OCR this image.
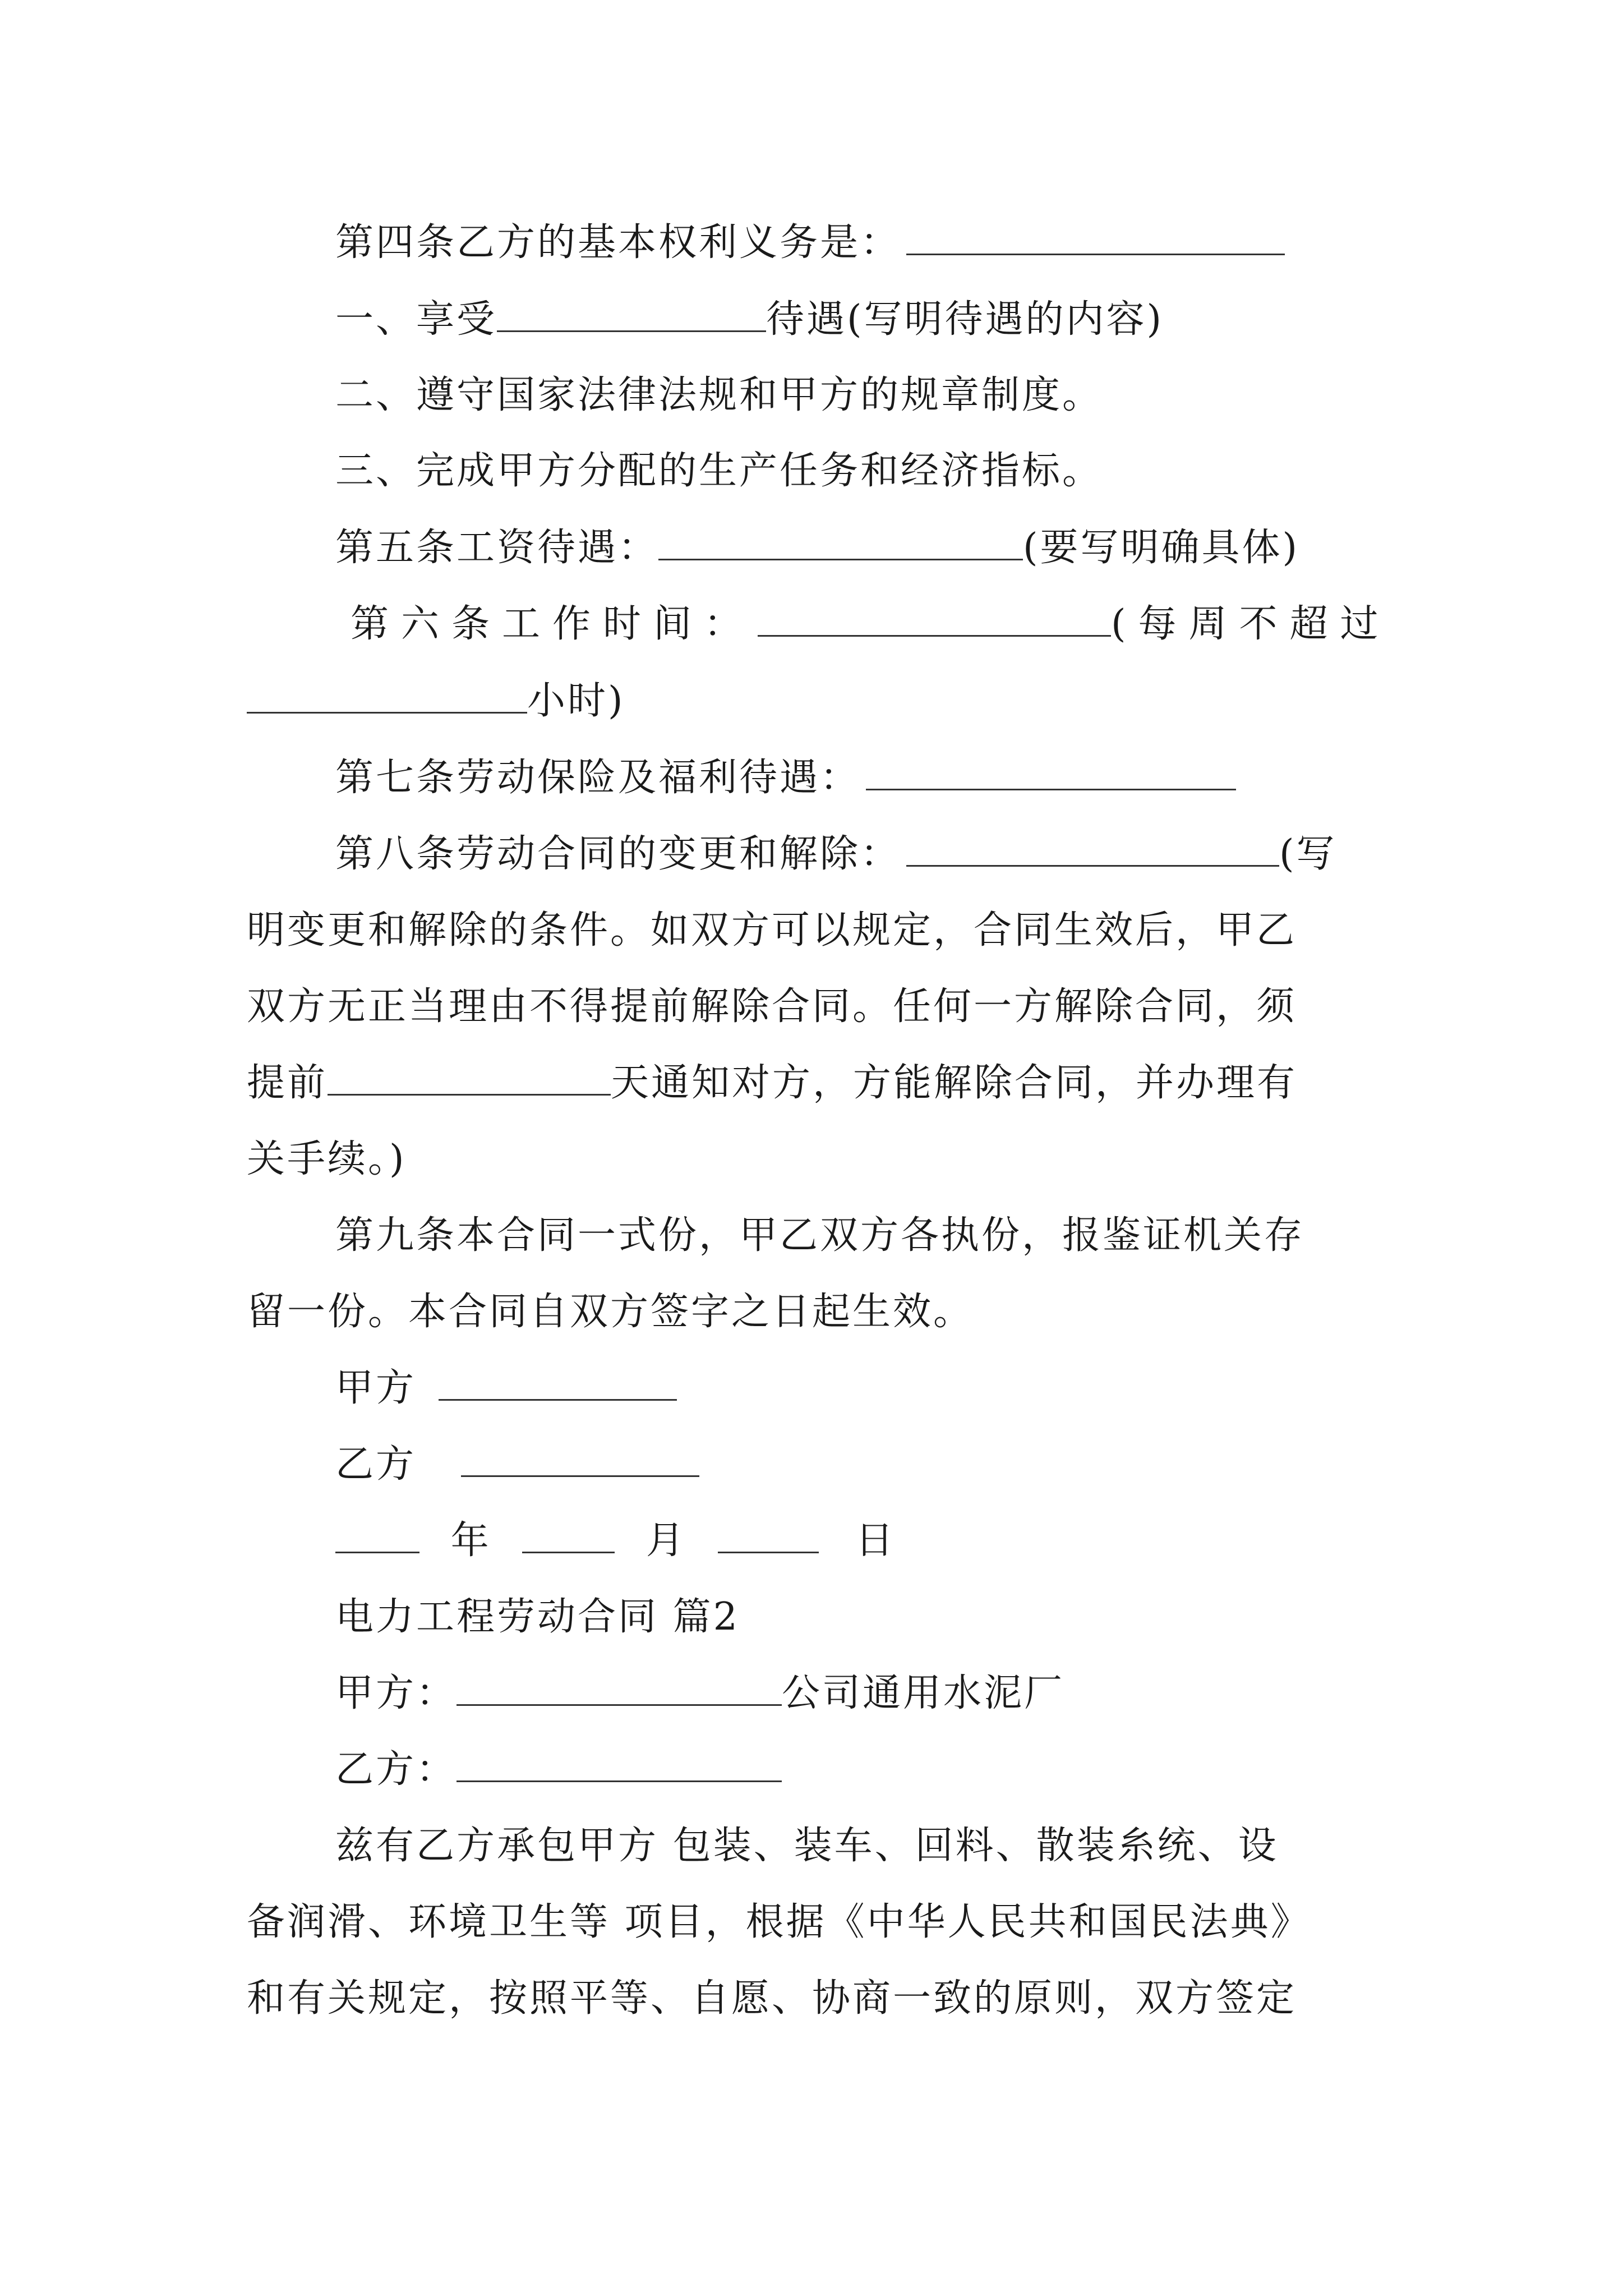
第四条乙方的基本权利义务是：
一、享受	待遇(写明待遇的内容)
二、遵守国家法律法规和甲方的规章制度。
三、完成甲方分配的生产任务和经济指标。
第五条工资待遇：	(要写明确具体)
第六条工作时间：	(每周不超过
小时)
第七条劳动保险及福利待遇：
第八条劳动合同的变更和解除：	(写
明变更和解除的条件。如双方可以规定，合同生效后，甲乙
双方无正当理由不得提前解除合同。任何一方解除合同，须
提前	天通知对方，方能解除合同，并办理有
关手续。)
第九条本合同一式份，甲乙双方各执份，报鉴证机关存
留一份。本合同自双方签字之日起生效。
甲方
乙方
年	月	日
电力工程劳动合同 篇2
甲方：	公司通用水泥厂
乙方：
兹有乙方承包甲方 包装、装车、回料、散装糸统、设
备润滑、环境卫生等 项目，根据《中华人民共和国民法典》
和有关规定，按照平等、自愿、协商一致的原则，双方签定
